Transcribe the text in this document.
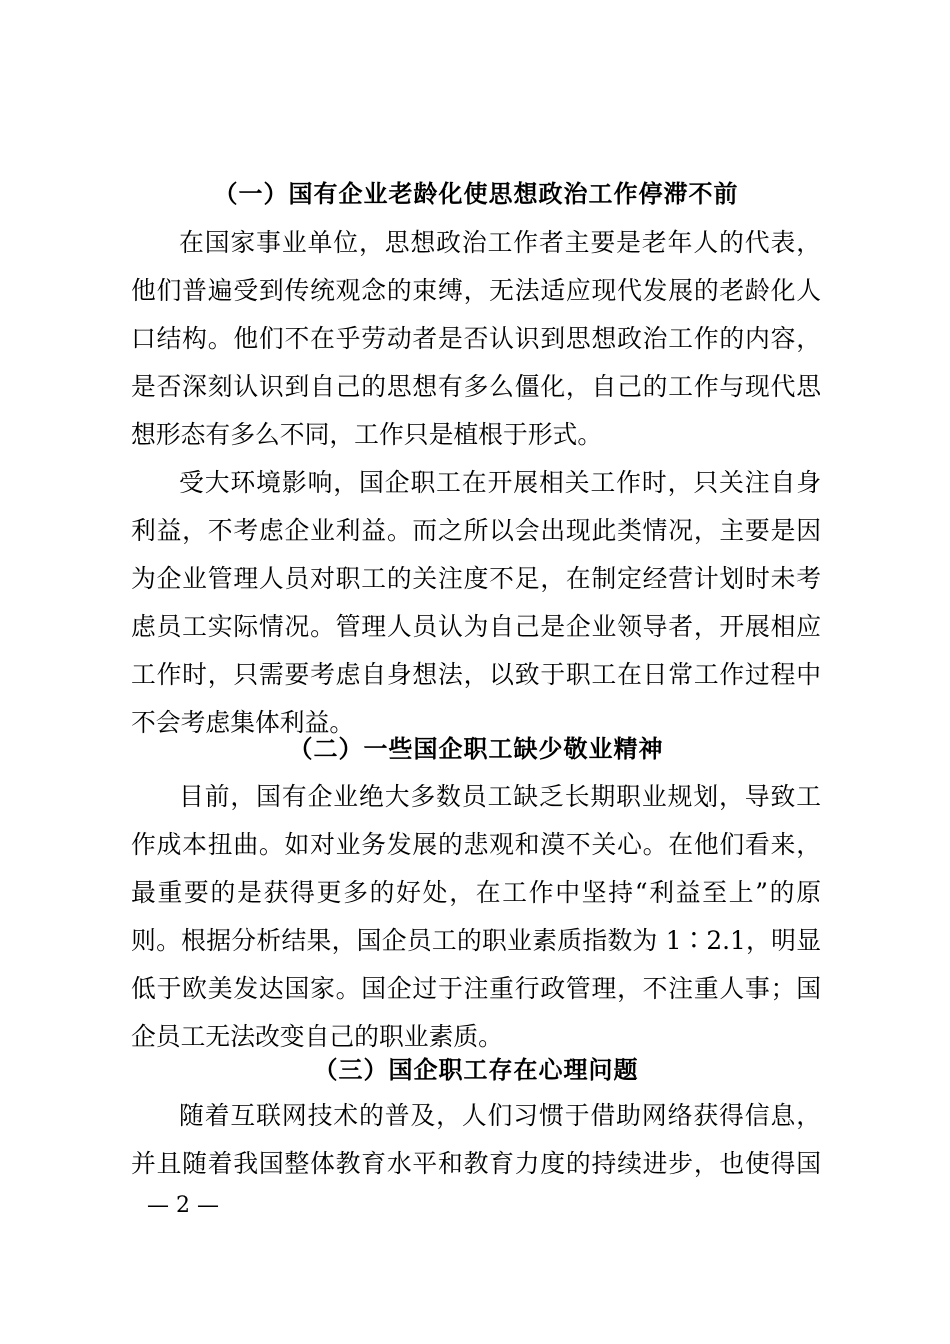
（一）国有企业老龄化使思想政治工作停滞不前
在国家事业单位，思想政治工作者主要是老年人的代表，
他们普遍受到传统观念的束缚，无法适应现代发展的老龄化人
口结构。他们不在乎劳动者是否认识到思想政治工作的内容，
是否深刻认识到自己的思想有多么僵化，自己的工作与现代思
想形态有多么不同，工作只是植根于形式。
受大环境影响，国企职工在开展相关工作时，只关注自身
利益，不考虑企业利益。而之所以会出现此类情况，主要是因
为企业管理人员对职工的关注度不足，在制定经营计划时未考
虑员工实际情况。管理人员认为自己是企业领导者，开展相应
工作时，只需要考虑自身想法，以致于职工在日常工作过程中
不会考虑集体利益。
（二）一些国企职工缺少敬业精神
目前，国有企业绝大多数员工缺乏长期职业规划，导致工
作成本扭曲。如对业务发展的悲观和漠不关心。在他们看来，
最重要的是获得更多的好处，在工作中坚持“利益至上”的原
则。根据分析结果，国企员工的职业素质指数为 1∶2.1，明显
低于欧美发达国家。国企过于注重行政管理，不注重人事；国
企员工无法改变自己的职业素质。
（三）国企职工存在心理问题
随着互联网技术的普及，人们习惯于借助网络获得信息，
并且随着我国整体教育水平和教育力度的持续进步，也使得国
— 2 —
